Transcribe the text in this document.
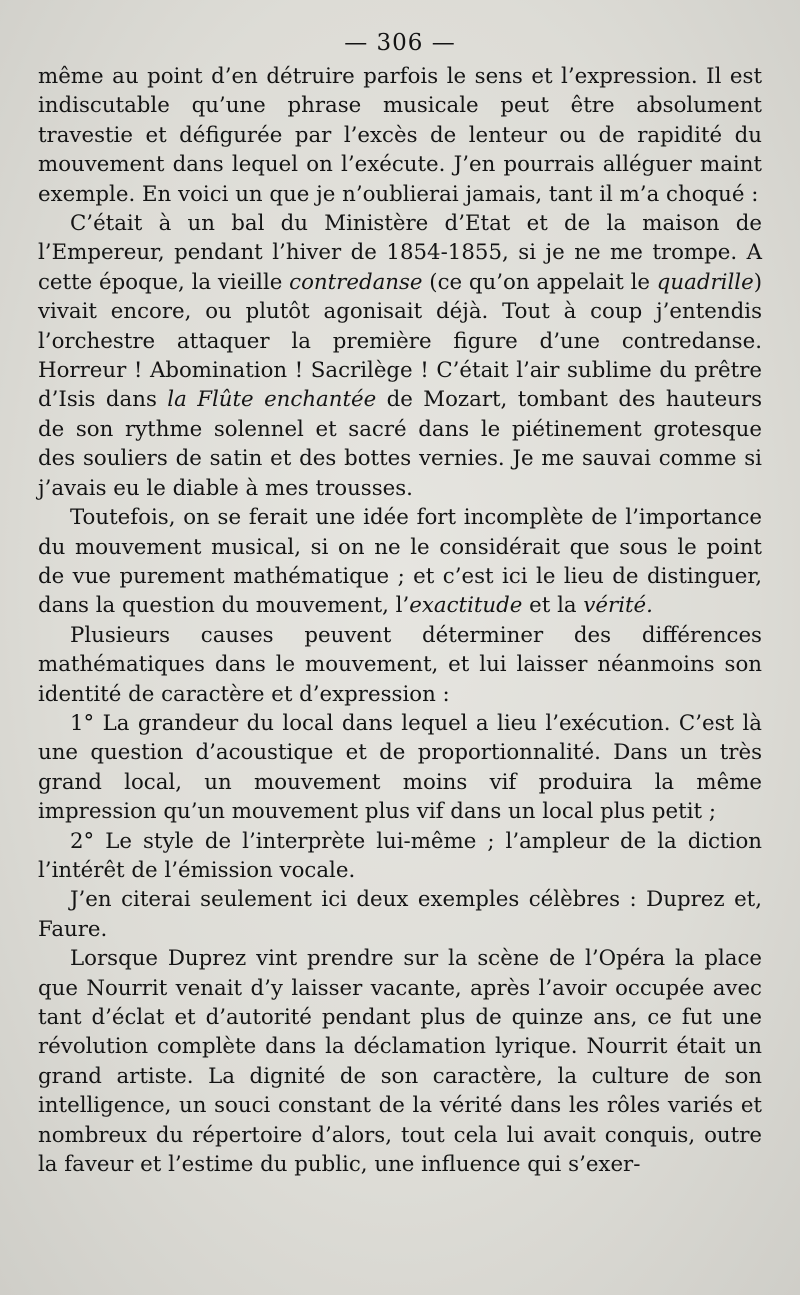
— 306 —

même au point d’en détruire parfois le sens et l’expression. Il est indiscutable qu’une phrase musicale peut être absolument travestie et défigurée par l’excès de lenteur ou de rapidité du mouvement dans lequel on l’exécute. J’en pourrais alléguer maint exemple. En voici un que je n’oublierai jamais, tant il m’a choqué :

C’était à un bal du Ministère d’Etat et de la maison de l’Empereur, pendant l’hiver de 1854-1855, si je ne me trompe. A cette époque, la vieille contredanse (ce qu’on appelait le quadrille) vivait encore, ou plutôt agonisait déjà. Tout à coup j’entendis l’orchestre attaquer la première figure d’une contredanse. Horreur ! Abomination ! Sacrilège ! C’était l’air sublime du prêtre d’Isis dans la Flûte enchantée de Mozart, tombant des hauteurs de son rythme solennel et sacré dans le piétinement grotesque des souliers de satin et des bottes vernies. Je me sauvai comme si j’avais eu le diable à mes trousses.

Toutefois, on se ferait une idée fort incomplète de l’importance du mouvement musical, si on ne le considérait que sous le point de vue purement mathématique ; et c’est ici le lieu de distinguer, dans la question du mouvement, l’exactitude et la vérité.

Plusieurs causes peuvent déterminer des différences mathématiques dans le mouvement, et lui laisser néanmoins son identité de caractère et d’expression :

1° La grandeur du local dans lequel a lieu l’exécution. C’est là une question d’acoustique et de proportionnalité. Dans un très grand local, un mouvement moins vif produira la même impression qu’un mouvement plus vif dans un local plus petit ;

2° Le style de l’interprète lui-même ; l’ampleur de la diction l’intérêt de l’émission vocale.

J’en citerai seulement ici deux exemples célèbres : Duprez et, Faure.

Lorsque Duprez vint prendre sur la scène de l’Opéra la place que Nourrit venait d’y laisser vacante, après l’avoir occupée avec tant d’éclat et d’autorité pendant plus de quinze ans, ce fut une révolution complète dans la déclamation lyrique. Nourrit était un grand artiste. La dignité de son caractère, la culture de son intelligence, un souci constant de la vérité dans les rôles variés et nombreux du répertoire d’alors, tout cela lui avait conquis, outre la faveur et l’estime du public, une influence qui s’exer-
